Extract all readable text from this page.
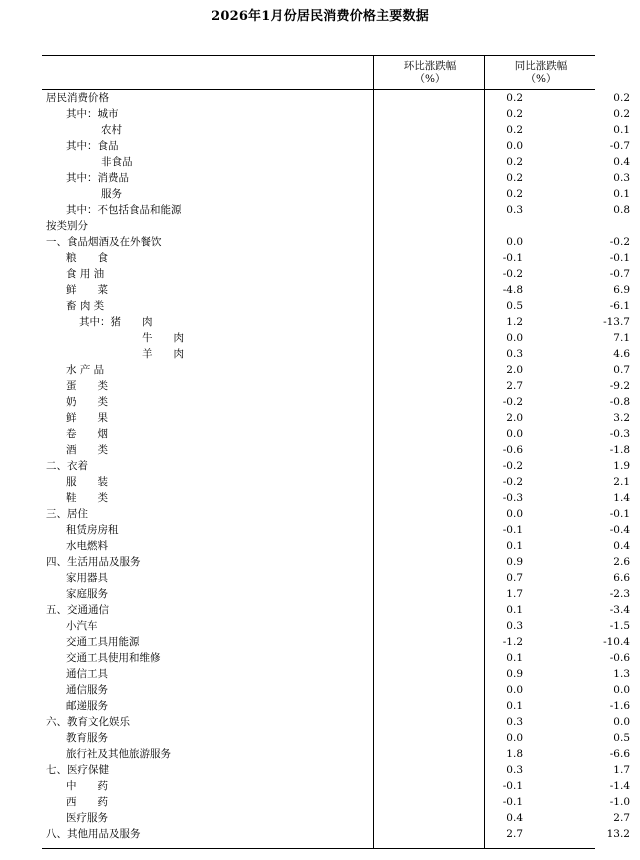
2026年1月份居民消费价格主要数据
环比涨跌幅
（%）
同比涨跌幅
（%）
居民消费价格	0.2	0.2
其中：城市	0.2	0.2
农村	0.2	0.1
其中：食品	0.0	-0.7
非食品	0.2	0.4
其中：消费品	0.2	0.3
服务	0.2	0.1
其中：不包括食品和能源	0.3	0.8
按类别分
一、食品烟酒及在外餐饮	0.0	-0.2
粮　　食	-0.1	-0.1
食 用 油	-0.2	-0.7
鲜　　菜	-4.8	6.9
畜 肉 类	0.5	-6.1
其中：猪　　肉	1.2	-13.7
牛　　肉	0.0	7.1
羊　　肉	0.3	4.6
水 产 品	2.0	0.7
蛋　　类	2.7	-9.2
奶　　类	-0.2	-0.8
鲜　　果	2.0	3.2
卷　　烟	0.0	-0.3
酒　　类	-0.6	-1.8
二、衣着	-0.2	1.9
服　　装	-0.2	2.1
鞋　　类	-0.3	1.4
三、居住	0.0	-0.1
租赁房房租	-0.1	-0.4
水电燃料	0.1	0.4
四、生活用品及服务	0.9	2.6
家用器具	0.7	6.6
家庭服务	1.7	-2.3
五、交通通信	0.1	-3.4
小汽车	0.3	-1.5
交通工具用能源	-1.2	-10.4
交通工具使用和维修	0.1	-0.6
通信工具	0.9	1.3
通信服务	0.0	0.0
邮递服务	0.1	-1.6
六、教育文化娱乐	0.3	0.0
教育服务	0.0	0.5
旅行社及其他旅游服务	1.8	-6.6
七、医疗保健	0.3	1.7
中　　药	-0.1	-1.4
西　　药	-0.1	-1.0
医疗服务	0.4	2.7
八、其他用品及服务	2.7	13.2
